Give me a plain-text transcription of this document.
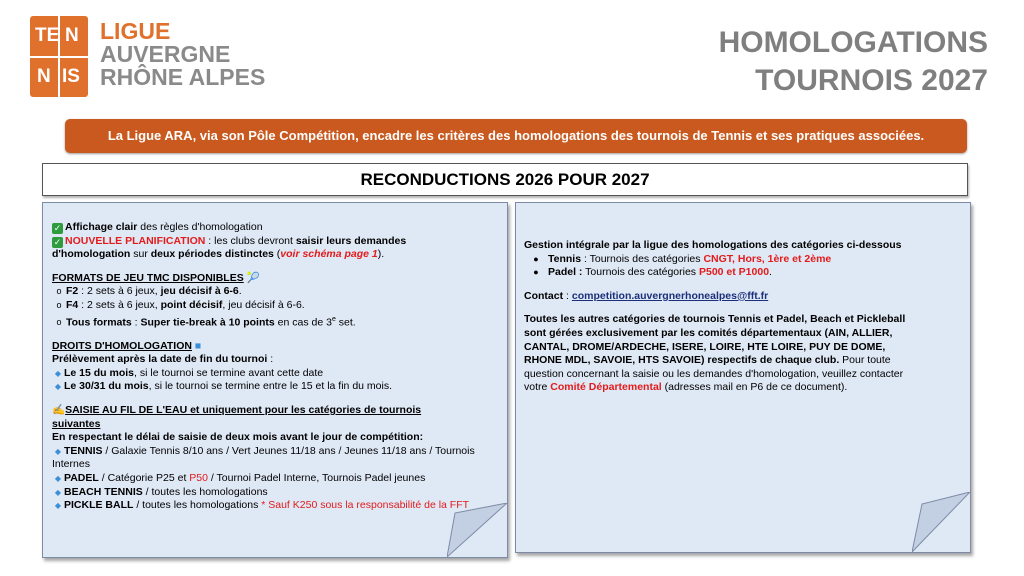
TE N
N IS
LIGUE
AUVERGNE
RHÔNE ALPES
HOMOLOGATIONS
TOURNOIS 2027
La Ligue ARA, via son Pôle Compétition, encadre les critères des homologations des tournois de Tennis et ses pratiques associées.
RECONDUCTIONS 2026 POUR 2027

✓ Affichage clair des règles d'homologation

✓ NOUVELLE PLANIFICATION : les clubs devront saisir leurs demandes

d'homologation sur deux périodes distinctes (voir schéma page 1).

FORMATS DE JEU TMC DISPONIBLES 🎾

o F2 : 2 sets à 6 jeux, jeu décisif à 6-6.

o F4 : 2 sets à 6 jeux, point décisif, jeu décisif à 6-6.

o Tous formats : Super tie-break à 10 points en cas de 3e set.

DROITS D'HOMOLOGATION ■

Prélèvement après la date de fin du tournoi :

◆ Le 15 du mois, si le tournoi se termine avant cette date

◆ Le 30/31 du mois, si le tournoi se termine entre le 15 et la fin du mois.

✍SAISIE AU FIL DE L'EAU et uniquement pour les catégories de tournois

suivantes

En respectant le délai de saisie de deux mois avant le jour de compétition:

◆ TENNIS / Galaxie Tennis 8/10 ans / Vert Jeunes 11/18 ans / Jeunes 11/18 ans / Tournois

Internes

◆ PADEL / Catégorie P25 et P50 / Tournoi Padel Interne, Tournois Padel jeunes

◆ BEACH TENNIS / toutes les homologations

◆ PICKLE BALL / toutes les homologations * Sauf K250 sous la responsabilité de la FFT

Gestion intégrale par la ligue des homologations des catégories ci-dessous

● Tennis : Tournois des catégories CNGT, Hors, 1ère et 2ème

● Padel : Tournois des catégories P500 et P1000.

Contact : competition.auvergnerhonealpes@fft.fr

Toutes les autres catégories de tournois Tennis et Padel, Beach et Pickleball

sont gérées exclusivement par les comités départementaux (AIN, ALLIER,

CANTAL, DROME/ARDECHE, ISERE, LOIRE, HTE LOIRE, PUY DE DOME,

RHONE MDL, SAVOIE, HTS SAVOIE) respectifs de chaque club. Pour toute

question concernant la saisie ou les demandes d'homologation, veuillez contacter

votre Comité Départemental (adresses mail en P6 de ce document).
